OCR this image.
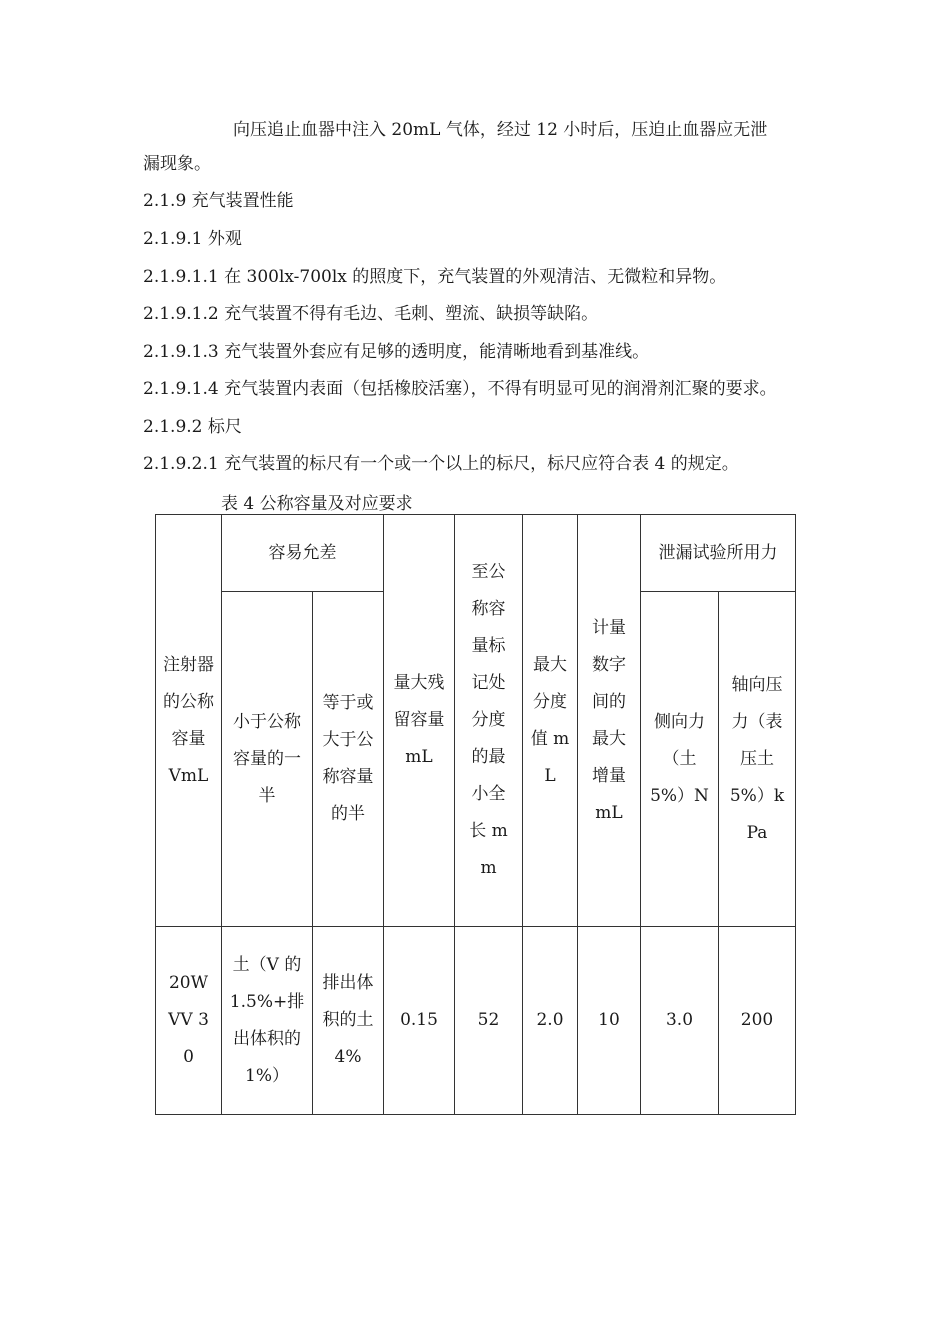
向压追止血器中注入 20mL 气体，经过 12 小时后，压迫止血器应无泄
漏现象。
2.1.9 充气装置性能
2.1.9.1 外观
2.1.9.1.1 在 300lx-700lx 的照度下，充气装置的外观清洁、无微粒和异物。
2.1.9.1.2 充气装置不得有毛边、毛刺、塑流、缺损等缺陷。
2.1.9.1.3 充气装置外套应有足够的透明度，能清晰地看到基准线。
2.1.9.1.4 充气装置内表面（包括橡胶活塞），不得有明显可见的润滑剂汇聚的要求。
2.1.9.2 标尺
2.1.9.2.1 充气装置的标尺有一个或一个以上的标尺，标尺应符合表 4 的规定。
表 4 公称容量及对应要求
注射器的公称容量 VmL	容易允差		量大残留容量 mL	至公称容量标记处分度的最小全长 mm	最大分度值 mL	计量数字间的最大增量 mL	泄漏试验所用力	
	小于公称容量的一半	等于或大于公称容量的半					侧向力（土 5%）N	轴向压力（表压土 5%）kPa
20W VV 30	土（V 的 1.5%+排出体积的 1%）	排出体积的土 4%	0.15	52	2.0	10	3.0	200
